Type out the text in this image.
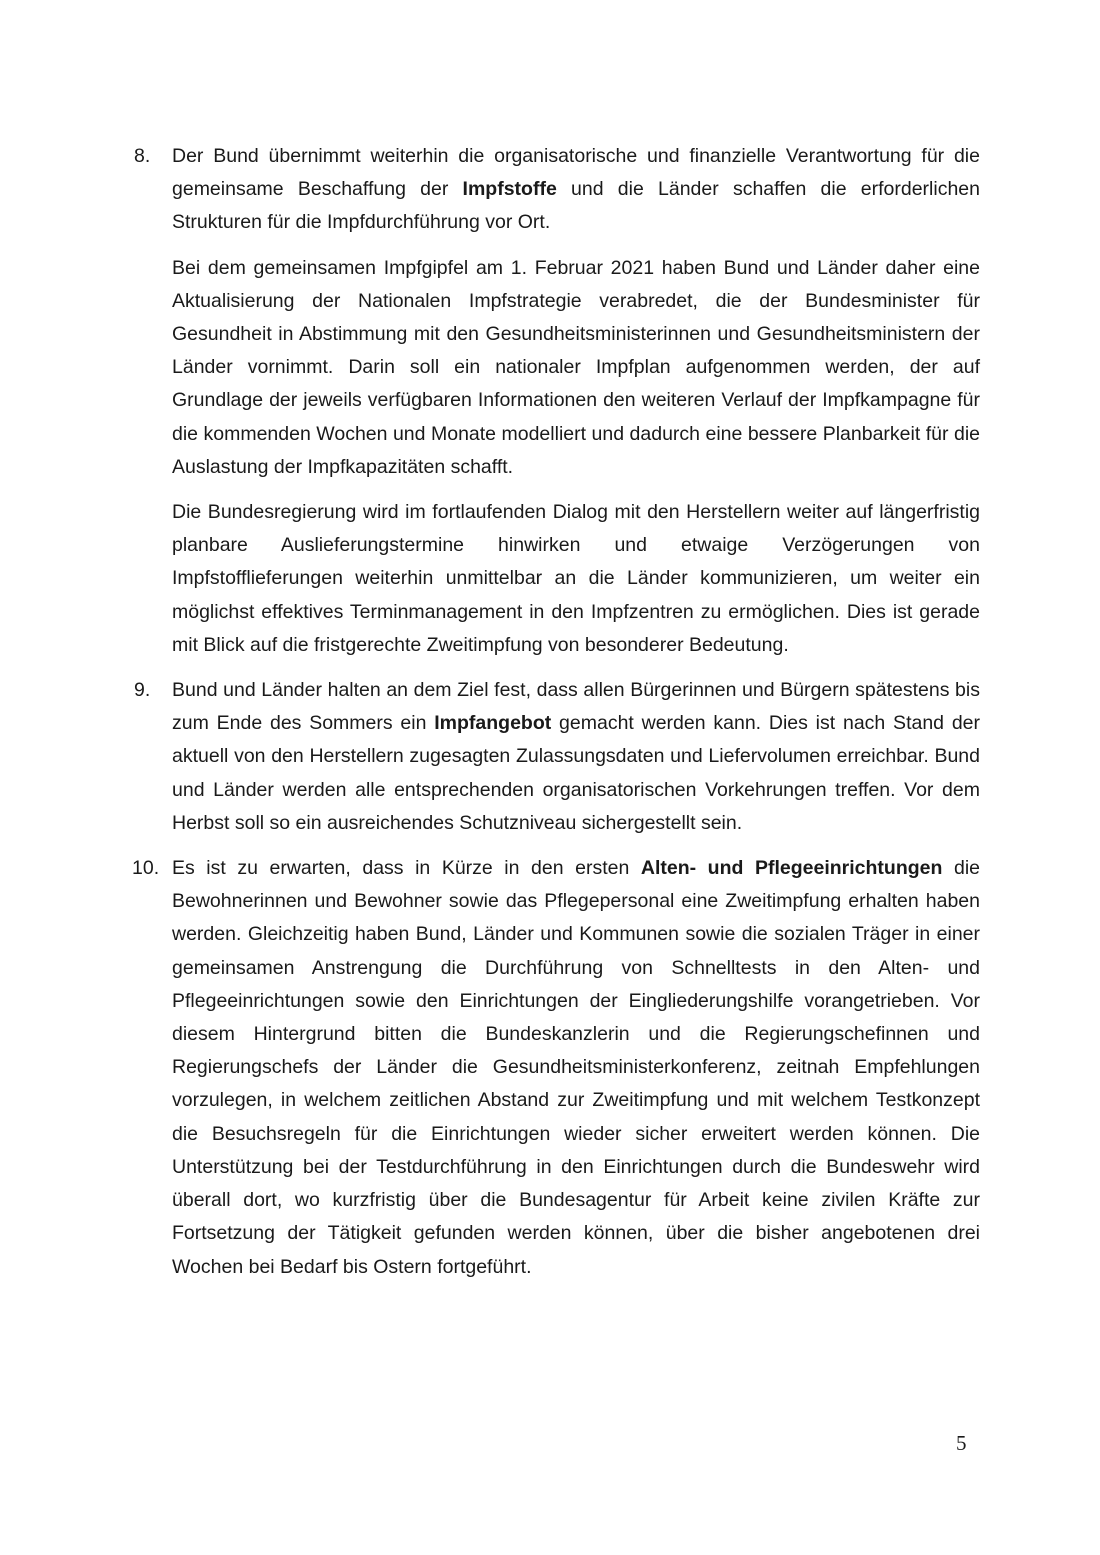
8. Der Bund übernimmt weiterhin die organisatorische und finanzielle Verantwortung für die gemeinsame Beschaffung der Impfstoffe und die Länder schaffen die erforderlichen Strukturen für die Impfdurchführung vor Ort.

Bei dem gemeinsamen Impfgipfel am 1. Februar 2021 haben Bund und Länder daher eine Aktualisierung der Nationalen Impfstrategie verabredet, die der Bundesminister für Gesundheit in Abstimmung mit den Gesundheitsministerinnen und Gesundheitsministern der Länder vornimmt. Darin soll ein nationaler Impfplan aufgenommen werden, der auf Grundlage der jeweils verfügbaren Informationen den weiteren Verlauf der Impfkampagne für die kommenden Wochen und Monate modelliert und dadurch eine bessere Planbarkeit für die Auslastung der Impfkapazitäten schafft.

Die Bundesregierung wird im fortlaufenden Dialog mit den Herstellern weiter auf längerfristig planbare Auslieferungstermine hinwirken und etwaige Verzögerungen von Impfstofflieferungen weiterhin unmittelbar an die Länder kommunizieren, um weiter ein möglichst effektives Terminmanagement in den Impfzentren zu ermöglichen. Dies ist gerade mit Blick auf die fristgerechte Zweitimpfung von besonderer Bedeutung.

9. Bund und Länder halten an dem Ziel fest, dass allen Bürgerinnen und Bürgern spätestens bis zum Ende des Sommers ein Impfangebot gemacht werden kann. Dies ist nach Stand der aktuell von den Herstellern zugesagten Zulassungsdaten und Liefervolumen erreichbar. Bund und Länder werden alle entsprechenden organisatorischen Vorkehrungen treffen. Vor dem Herbst soll so ein ausreichendes Schutzniveau sichergestellt sein.

10. Es ist zu erwarten, dass in Kürze in den ersten Alten- und Pflegeeinrichtungen die Bewohnerinnen und Bewohner sowie das Pflegepersonal eine Zweitimpfung erhalten haben werden. Gleichzeitig haben Bund, Länder und Kommunen sowie die sozialen Träger in einer gemeinsamen Anstrengung die Durchführung von Schnelltests in den Alten- und Pflegeeinrichtungen sowie den Einrichtungen der Eingliederungshilfe vorangetrieben. Vor diesem Hintergrund bitten die Bundeskanzlerin und die Regierungschefinnen und Regierungschefs der Länder die Gesundheitsministerkonferenz, zeitnah Empfehlungen vorzulegen, in welchem zeitlichen Abstand zur Zweitimpfung und mit welchem Testkonzept die Besuchsregeln für die Einrichtungen wieder sicher erweitert werden können. Die Unterstützung bei der Testdurchführung in den Einrichtungen durch die Bundeswehr wird überall dort, wo kurzfristig über die Bundesagentur für Arbeit keine zivilen Kräfte zur Fortsetzung der Tätigkeit gefunden werden können, über die bisher angebotenen drei Wochen bei Bedarf bis Ostern fortgeführt.

5
